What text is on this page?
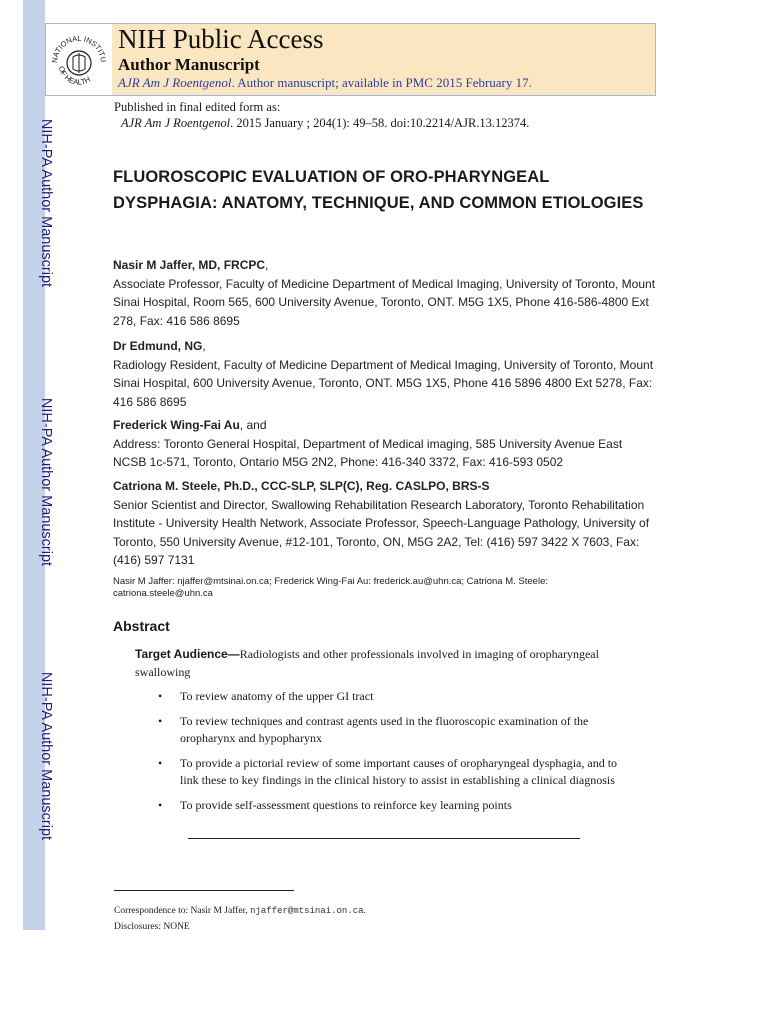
NIH-PA Author Manuscript
NIH-PA Author Manuscript
NIH-PA Author Manuscript
NATIONAL INSTITU
OF HEALTH
NIH Public Access
Author Manuscript
AJR Am J Roentgenol. Author manuscript; available in PMC 2015 February 17.
Published in final edited form as:
AJR Am J Roentgenol. 2015 January ; 204(1): 49–58. doi:10.2214/AJR.13.12374.
FLUOROSCOPIC EVALUATION OF ORO-PHARYNGEAL DYSPHAGIA: ANATOMY, TECHNIQUE, AND COMMON ETIOLOGIES
Nasir M Jaffer, MD, FRCPC,
Associate Professor, Faculty of Medicine Department of Medical Imaging, University of Toronto, Mount Sinai Hospital, Room 565, 600 University Avenue, Toronto, ONT. M5G 1X5, Phone 416-586-4800 Ext 278, Fax: 416 586 8695
Dr Edmund, NG,
Radiology Resident, Faculty of Medicine Department of Medical Imaging, University of Toronto, Mount Sinai Hospital, 600 University Avenue, Toronto, ONT. M5G 1X5, Phone 416 5896 4800 Ext 5278, Fax: 416 586 8695
Frederick Wing-Fai Au, and
Address: Toronto General Hospital, Department of Medical imaging, 585 University Avenue East NCSB 1c-571, Toronto, Ontario M5G 2N2, Phone: 416-340 3372, Fax: 416-593 0502
Catriona M. Steele, Ph.D., CCC-SLP, SLP(C), Reg. CASLPO, BRS-S
Senior Scientist and Director, Swallowing Rehabilitation Research Laboratory, Toronto Rehabilitation Institute - University Health Network, Associate Professor, Speech-Language Pathology, University of Toronto, 550 University Avenue, #12-101, Toronto, ON, M5G 2A2, Tel: (416) 597 3422 X 7603, Fax: (416) 597 7131
Nasir M Jaffer: njaffer@mtsinai.on.ca; Frederick Wing-Fai Au: frederick.au@uhn.ca; Catriona M. Steele: catriona.steele@uhn.ca
Abstract
Target Audience—Radiologists and other professionals involved in imaging of oropharyngeal swallowing
• To review anatomy of the upper GI tract
• To review techniques and contrast agents used in the fluoroscopic examination of the oropharynx and hypopharynx
• To provide a pictorial review of some important causes of oropharyngeal dysphagia, and to link these to key findings in the clinical history to assist in establishing a clinical diagnosis
• To provide self-assessment questions to reinforce key learning points
Correspondence to: Nasir M Jaffer, njaffer@mtsinai.on.ca.
Disclosures: NONE
